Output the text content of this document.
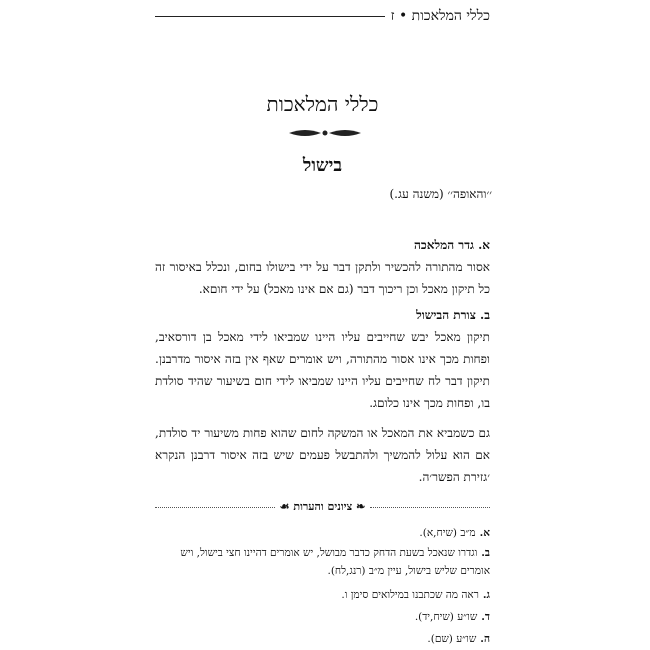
כללי המלאכות • ז
כללי המלאכות
בישול
׳׳והאופה׳׳ (משנה עג.)
א. גדר המלאכה

אסור מהתורה להכשיר ולתקן דבר על ידי בישולו בחום, ונכלל באיסור זה כל תיקון מאכל וכן ריכוך דבר (גם אם אינו מאכל) על ידי חוםא.

ב. צורת הבישול

תיקון מאכל יבש שחייבים עליו היינו שמביאו לידי מאכל בן דורסאיב, ופחות מכך אינו אסור מהתורה, ויש אומרים שאף אין בזה איסור מדרבנן. תיקון דבר לח שחייבים עליו היינו שמביאו לידי חום בשיעור שהיד סולדת בו, ופחות מכך אינו כלוםג.

גם כשמביא את המאכל או המשקה לחום שהוא פחות משיעור יד סולדת, אם הוא עלול להמשיך ולהתבשל פעמים שיש בזה איסור דרבנן הנקרא ׳גזירת הפשר׳ה.

❧ ציונים והערות ☙

א.מ״ב (שיח,א).

ב.וגדרו שנאכל בשעת הדחק כדבר מבושל, יש אומרים דהיינו חצי בישול, ויש אומרים שליש בישול, עיין מ״ב (רנג,לח).

ג.ראה מה שכתבנו במילואים סימן ו.

ד.שו״ע (שיח,יד).

ה.שו״ע (שם).
